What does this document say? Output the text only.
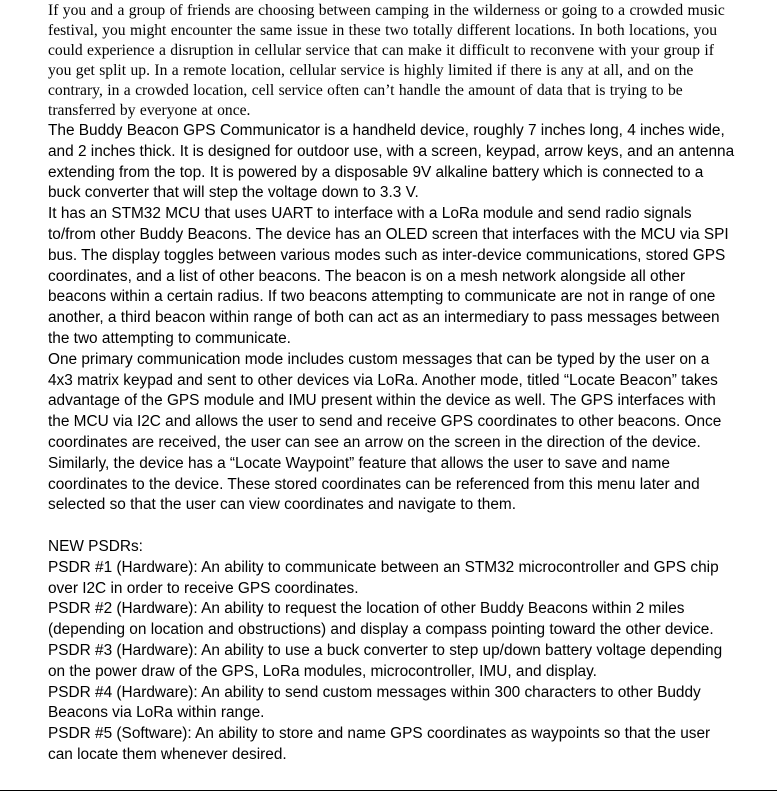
If you and a group of friends are choosing between camping in the wilderness or going to a crowded music festival, you might encounter the same issue in these two totally different locations. In both locations, you could experience a disruption in cellular service that can make it difficult to reconvene with your group if you get split up. In a remote location, cellular service is highly limited if there is any at all, and on the contrary, in a crowded location, cell service often can’t handle the amount of data that is trying to be transferred by everyone at once.

The Buddy Beacon GPS Communicator is a handheld device, roughly 7 inches long, 4 inches wide, and 2 inches thick. It is designed for outdoor use, with a screen, keypad, arrow keys, and an antenna extending from the top. It is powered by a disposable 9V alkaline battery which is connected to a buck converter that will step the voltage down to 3.3 V.

It has an STM32 MCU that uses UART to interface with a LoRa module and send radio signals to/from other Buddy Beacons. The device has an OLED screen that interfaces with the MCU via SPI bus. The display toggles between various modes such as inter-device communications, stored GPS coordinates, and a list of other beacons. The beacon is on a mesh network alongside all other beacons within a certain radius. If two beacons attempting to communicate are not in range of one another, a third beacon within range of both can act as an intermediary to pass messages between the two attempting to communicate.

One primary communication mode includes custom messages that can be typed by the user on a 4x3 matrix keypad and sent to other devices via LoRa. Another mode, titled “Locate Beacon” takes advantage of the GPS module and IMU present within the device as well. The GPS interfaces with the MCU via I2C and allows the user to send and receive GPS coordinates to other beacons. Once coordinates are received, the user can see an arrow on the screen in the direction of the device. Similarly, the device has a “Locate Waypoint” feature that allows the user to save and name coordinates to the device. These stored coordinates can be referenced from this menu later and selected so that the user can view coordinates and navigate to them.

NEW PSDRs:

PSDR #1 (Hardware): An ability to communicate between an STM32 microcontroller and GPS chip over I2C in order to receive GPS coordinates.

PSDR #2 (Hardware): An ability to request the location of other Buddy Beacons within 2 miles (depending on location and obstructions) and display a compass pointing toward the other device.

PSDR #3 (Hardware): An ability to use a buck converter to step up/down battery voltage depending on the power draw of the GPS, LoRa modules, microcontroller, IMU, and display.

PSDR #4 (Hardware): An ability to send custom messages within 300 characters to other Buddy Beacons via LoRa within range.

PSDR #5 (Software): An ability to store and name GPS coordinates as waypoints so that the user can locate them whenever desired.
